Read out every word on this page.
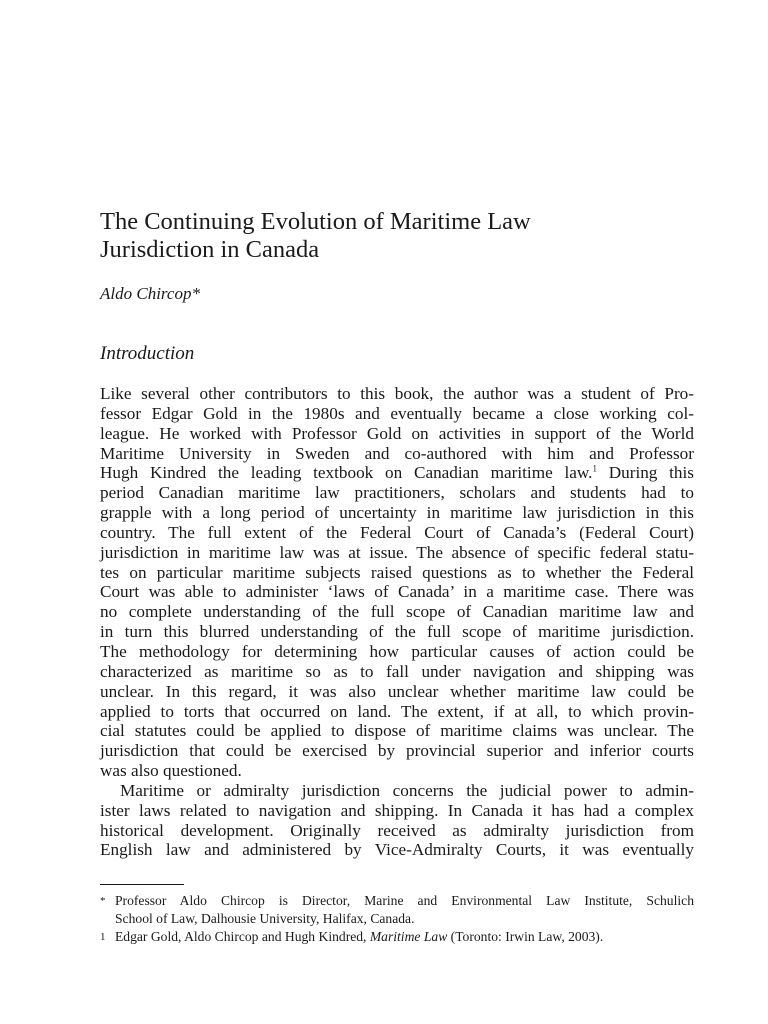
The Continuing Evolution of Maritime Law
Jurisdiction in Canada

Aldo Chircop*

Introduction
Like several other contributors to this book, the author was a student of Pro-
fessor Edgar Gold in the 1980s and eventually became a close working col-
league. He worked with Professor Gold on activities in support of the World
Maritime University in Sweden and co-authored with him and Professor
Hugh Kindred the leading textbook on Canadian maritime law.$^1$ During this
period Canadian maritime law practitioners, scholars and students had to
grapple with a long period of uncertainty in maritime law jurisdiction in this
country. The full extent of the Federal Court of Canada’s (Federal Court)
jurisdiction in maritime law was at issue. The absence of specific federal statu-
tes on particular maritime subjects raised questions as to whether the Federal
Court was able to administer ‘laws of Canada’ in a maritime case. There was
no complete understanding of the full scope of Canadian maritime law and
in turn this blurred understanding of the full scope of maritime jurisdiction.
The methodology for determining how particular causes of action could be
characterized as maritime so as to fall under navigation and shipping was
unclear. In this regard, it was also unclear whether maritime law could be
applied to torts that occurred on land. The extent, if at all, to which provin-
cial statutes could be applied to dispose of maritime claims was unclear. The
jurisdiction that could be exercised by provincial superior and inferior courts
was also questioned.
Maritime or admiralty jurisdiction concerns the judicial power to admin-
ister laws related to navigation and shipping. In Canada it has had a complex
historical development. Originally received as admiralty jurisdiction from
English law and administered by Vice-Admiralty Courts, it was eventually
* Professor Aldo Chircop is Director, Marine and Environmental Law Institute, Schulich
School of Law, Dalhousie University, Halifax, Canada.
1 Edgar Gold, Aldo Chircop and Hugh Kindred, Maritime Law (Toronto: Irwin Law, 2003).
